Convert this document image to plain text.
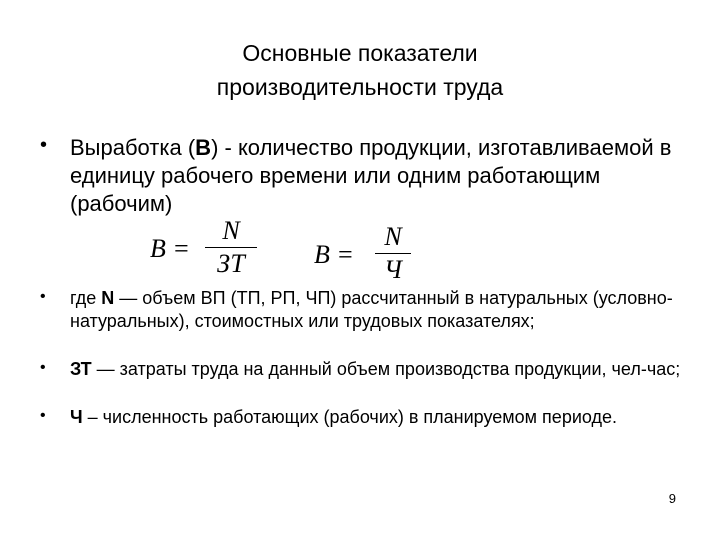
Основные показатели
производительности труда
• Выработка (В) - количество продукции, изготавливаемой в единицу рабочего времени или одним работающим (рабочим)
B =
N
ЗТ	B =
N
Ч
• где N — объем ВП (ТП, РП, ЧП) рассчитанный в натуральных (условно-натуральных), стоимостных или трудовых показателях;
• ЗТ — затраты труда на данный объем производства продукции, чел-час;
• Ч – численность работающих (рабочих) в планируемом периоде.
9
